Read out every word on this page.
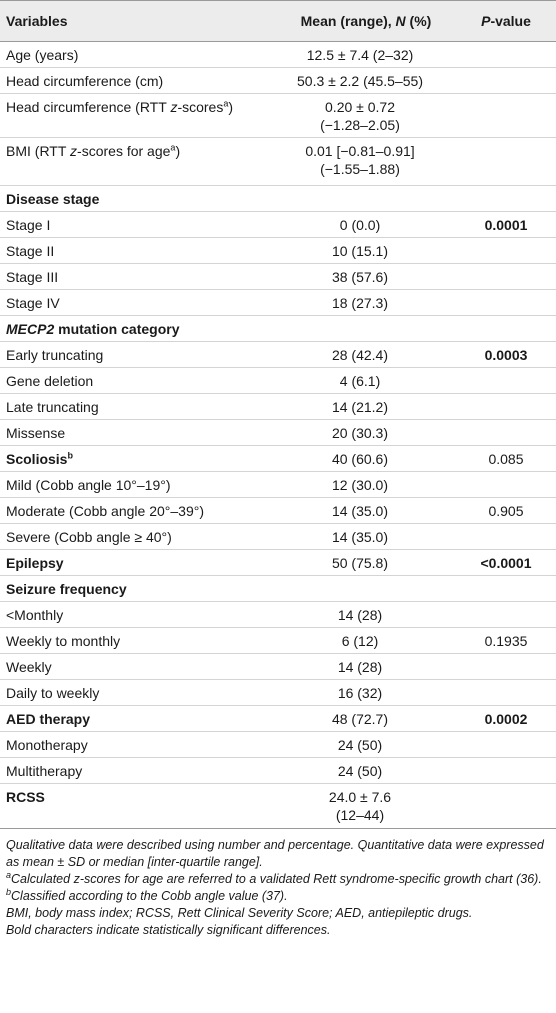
Variables	Mean (range), N (%)	P-value
Age (years)	12.5 ± 7.4 (2–32)
Head circumference (cm)	50.3 ± 2.2 (45.5–55)
Head circumference (RTT z-scores$^a$)	0.20 ± 0.72
(−1.28–2.05)
BMI (RTT z-scores for age$^a$)	0.01 [−0.81–0.91]
(−1.55–1.88)
Disease stage
Stage I	0 (0.0)	0.0001
Stage II	10 (15.1)
Stage III	38 (57.6)
Stage IV	18 (27.3)
MECP2 mutation category
Early truncating	28 (42.4)	0.0003
Gene deletion	4 (6.1)
Late truncating	14 (21.2)
Missense	20 (30.3)
Scoliosis$^b$	40 (60.6)	0.085
Mild (Cobb angle 10°–19°)	12 (30.0)
Moderate (Cobb angle 20°–39°)	14 (35.0)	0.905
Severe (Cobb angle ≥ 40°)	14 (35.0)
Epilepsy	50 (75.8)	<0.0001
Seizure frequency
<Monthly	14 (28)
Weekly to monthly	6 (12)	0.1935
Weekly	14 (28)
Daily to weekly	16 (32)
AED therapy	48 (72.7)	0.0002
Monotherapy	24 (50)
Multitherapy	24 (50)
RCSS	24.0 ± 7.6
(12–44)

Qualitative data were described using number and percentage. Quantitative data were expressed as mean ± SD or median [inter-quartile range].

$^a$Calculated z-scores for age are referred to a validated Rett syndrome-specific growth chart (36).

$^b$Classified according to the Cobb angle value (37).

BMI, body mass index; RCSS, Rett Clinical Severity Score; AED, antiepileptic drugs.

Bold characters indicate statistically significant differences.
